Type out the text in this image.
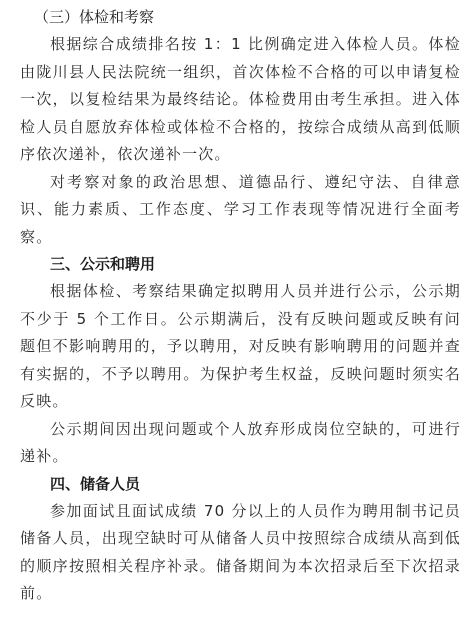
（三）体检和考察

根据综合成绩排名按 1：1 比例确定进入体检人员。体检由陇川县人民法院统一组织，首次体检不合格的可以申请复检一次，以复检结果为最终结论。体检费用由考生承担。进入体检人员自愿放弃体检或体检不合格的，按综合成绩从高到低顺序依次递补，依次递补一次。

对考察对象的政治思想、道德品行、遵纪守法、自律意识、能力素质、工作态度、学习工作表现等情况进行全面考察。

三、公示和聘用

根据体检、考察结果确定拟聘用人员并进行公示，公示期不少于 5 个工作日。公示期满后，没有反映问题或反映有问题但不影响聘用的，予以聘用，对反映有影响聘用的问题并查有实据的，不予以聘用。为保护考生权益，反映问题时须实名反映。

公示期间因出现问题或个人放弃形成岗位空缺的，可进行递补。

四、储备人员

参加面试且面试成绩 70 分以上的人员作为聘用制书记员储备人员，出现空缺时可从储备人员中按照综合成绩从高到低的顺序按照相关程序补录。储备期间为本次招录后至下次招录前。
